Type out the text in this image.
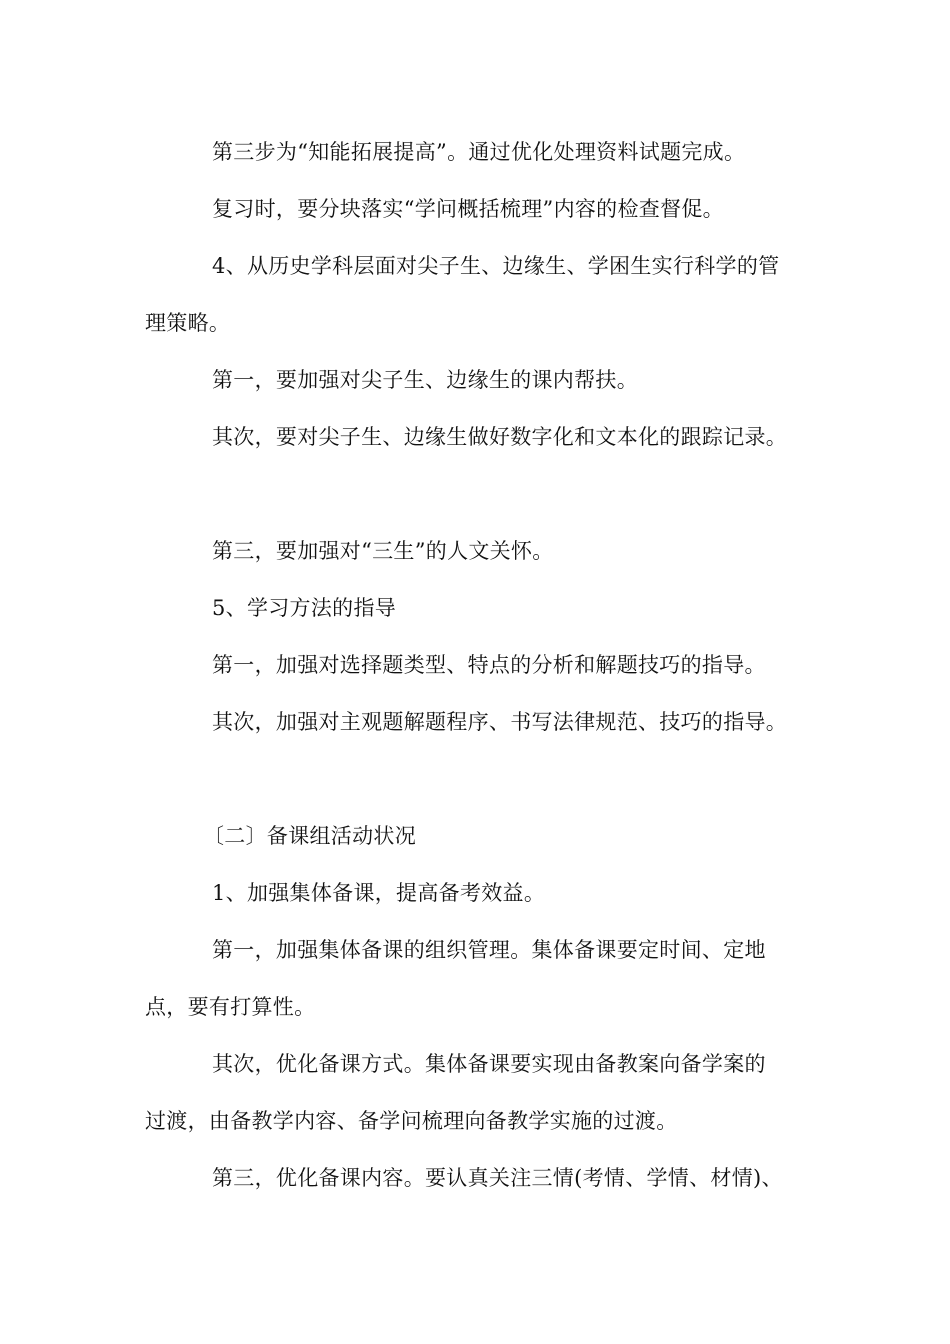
第三步为“知能拓展提高”。通过优化处理资料试题完成。
复习时，要分块落实“学问概括梳理”内容的检查督促。
4、从历史学科层面对尖子生、边缘生、学困生实行科学的管
理策略。
第一，要加强对尖子生、边缘生的课内帮扶。
其次，要对尖子生、边缘生做好数字化和文本化的跟踪记录。
第三，要加强对“三生”的人文关怀。
5、学习方法的指导
第一，加强对选择题类型、特点的分析和解题技巧的指导。
其次，加强对主观题解题程序、书写法律规范、技巧的指导。
〔二〕备课组活动状况
1、加强集体备课，提高备考效益。
第一，加强集体备课的组织管理。集体备课要定时间、定地
点，要有打算性。
其次，优化备课方式。集体备课要实现由备教案向备学案的
过渡，由备教学内容、备学问梳理向备教学实施的过渡。
第三，优化备课内容。要认真关注三情(考情、学情、材情)、
